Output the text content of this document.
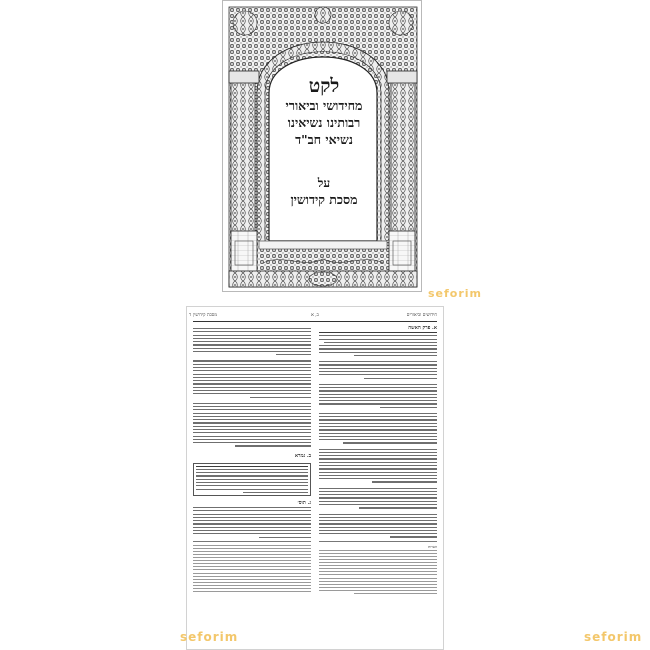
לקט
מחידושי וביאורי
רבותינו נשיאינו
נשיאי חב"ד
על
מסכת קידושין
seforim
חידושים וביאורים
ב, א
מסכת קידושין
ד
א. פרק האשה
הערות
ב. גמרא
ג. תוס׳
seforim	seforim
